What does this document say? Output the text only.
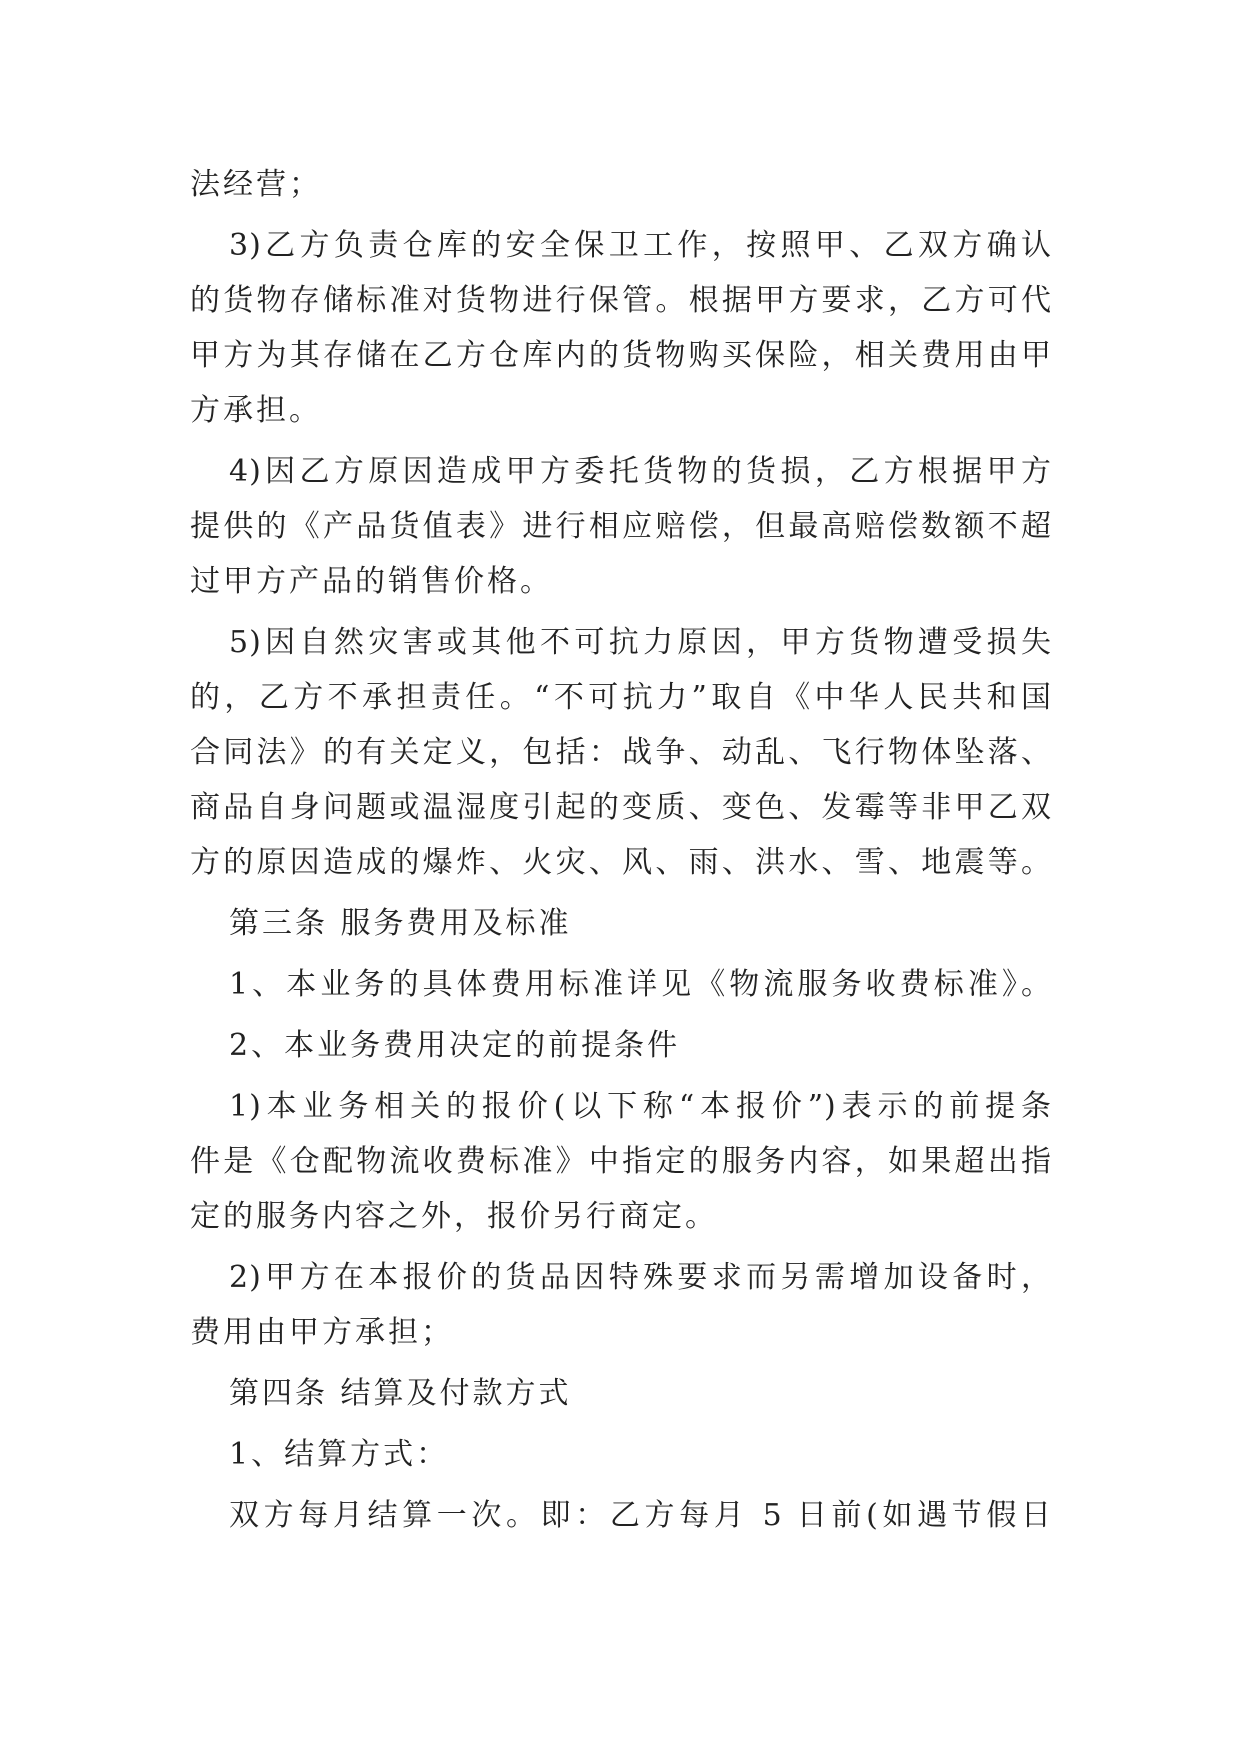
法经营；
3)乙方负责仓库的安全保卫工作，按照甲、乙双方确认
的货物存储标准对货物进行保管。根据甲方要求，乙方可代
甲方为其存储在乙方仓库内的货物购买保险，相关费用由甲
方承担。
4)因乙方原因造成甲方委托货物的货损，乙方根据甲方
提供的《产品货值表》进行相应赔偿，但最高赔偿数额不超
过甲方产品的销售价格。
5)因自然灾害或其他不可抗力原因，甲方货物遭受损失
的，乙方不承担责任。“不可抗力”取自《中华人民共和国
合同法》的有关定义，包括：战争、动乱、飞行物体坠落、
商品自身问题或温湿度引起的变质、变色、发霉等非甲乙双
方的原因造成的爆炸、火灾、风、雨、洪水、雪、地震等。
第三条 服务费用及标准
1、本业务的具体费用标准详见《物流服务收费标准》。
2、本业务费用决定的前提条件
1)本业务相关的报价(以下称“本报价”)表示的前提条
件是《仓配物流收费标准》中指定的服务内容，如果超出指
定的服务内容之外，报价另行商定。
2)甲方在本报价的货品因特殊要求而另需增加设备时，
费用由甲方承担；
第四条 结算及付款方式
1、结算方式：
双方每月结算一次。即：乙方每月 5 日前(如遇节假日
